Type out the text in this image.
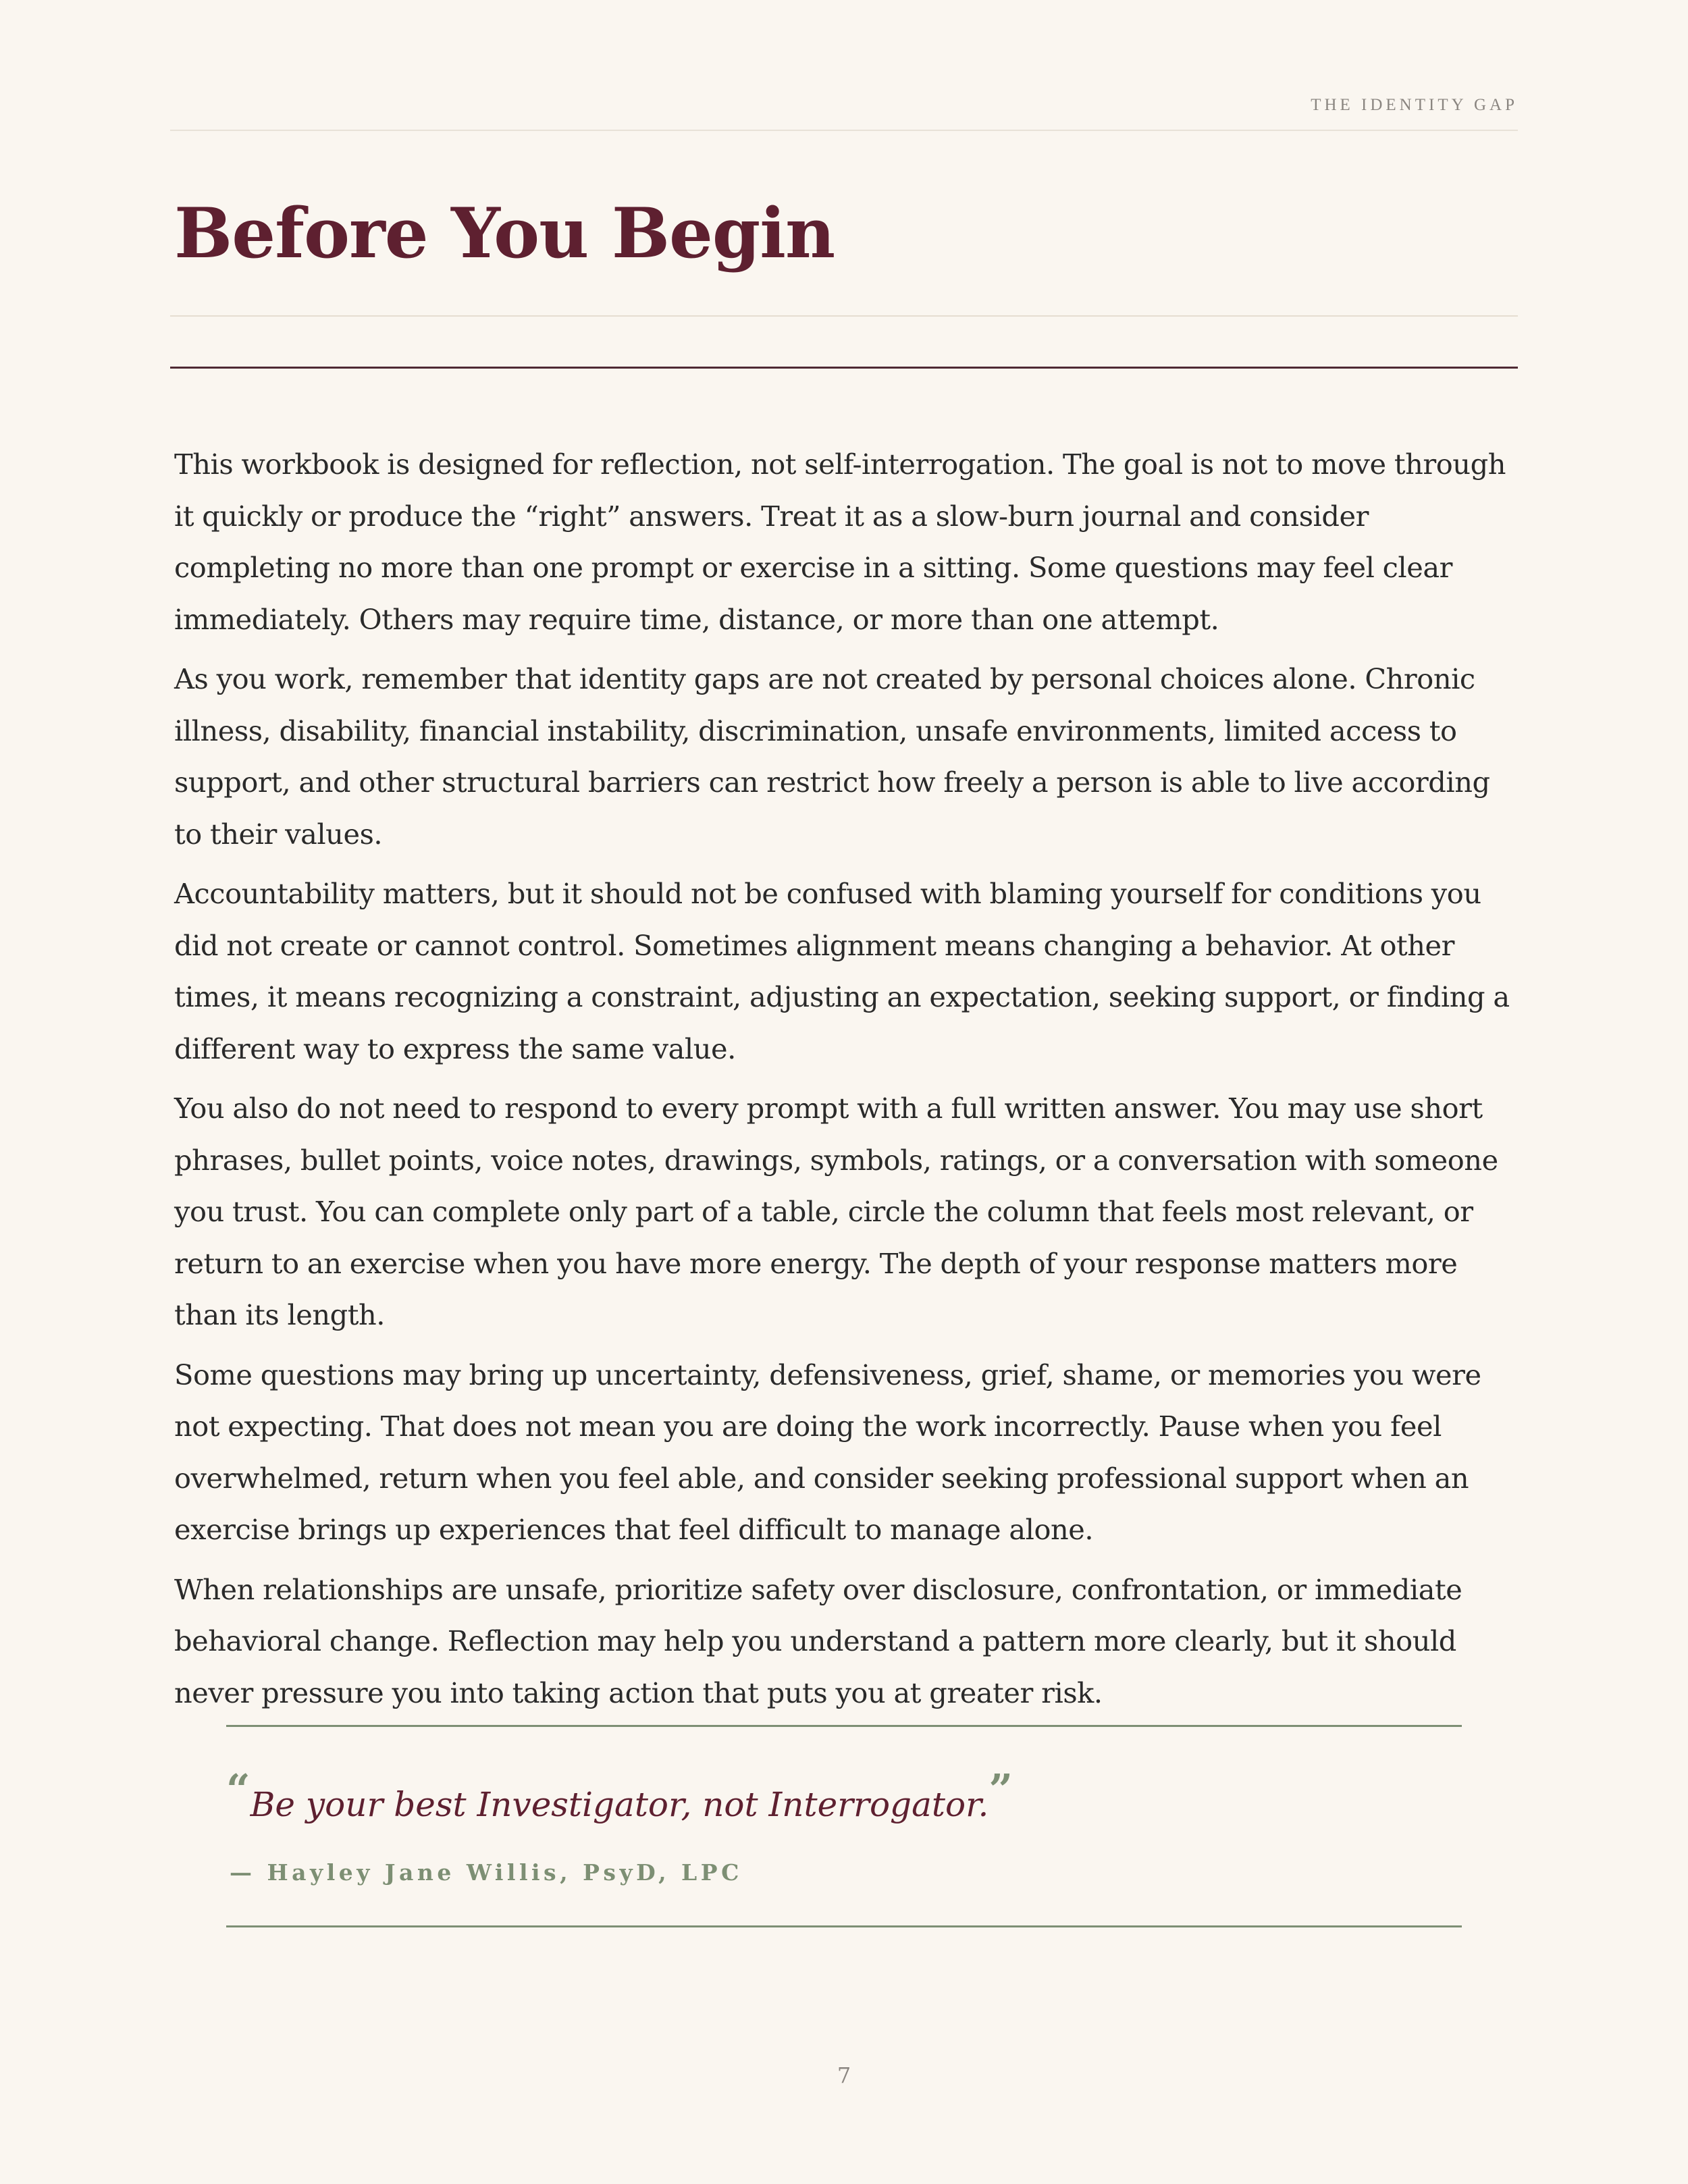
THE IDENTITY GAP
Before You Begin

This workbook is designed for reflection, not self-interrogation. The goal is not to move through it quickly or produce the “right” answers. Treat it as a slow-burn journal and consider completing no more than one prompt or exercise in a sitting. Some questions may feel clear immediately. Others may require time, distance, or more than one attempt.

As you work, remember that identity gaps are not created by personal choices alone. Chronic illness, disability, financial instability, discrimination, unsafe environments, limited access to support, and other structural barriers can restrict how freely a person is able to live according to their values.

Accountability matters, but it should not be confused with blaming yourself for conditions you did not create or cannot control. Sometimes alignment means changing a behavior. At other times, it means recognizing a constraint, adjusting an expectation, seeking support, or finding a different way to express the same value.

You also do not need to respond to every prompt with a full written answer. You may use short phrases, bullet points, voice notes, drawings, symbols, ratings, or a conversation with someone you trust. You can complete only part of a table, circle the column that feels most relevant, or return to an exercise when you have more energy. The depth of your response matters more than its length.

Some questions may bring up uncertainty, defensiveness, grief, shame, or memories you were not expecting. That does not mean you are doing the work incorrectly. Pause when you feel overwhelmed, return when you feel able, and consider seeking professional support when an exercise brings up experiences that feel difficult to manage alone.

When relationships are unsafe, prioritize safety over disclosure, confrontation, or immediate behavioral change. Reflection may help you understand a pattern more clearly, but it should never pressure you into taking action that puts you at greater risk.

“Be your best Investigator, not Interrogator.”
— Hayley Jane Willis, PsyD, LPC
7
